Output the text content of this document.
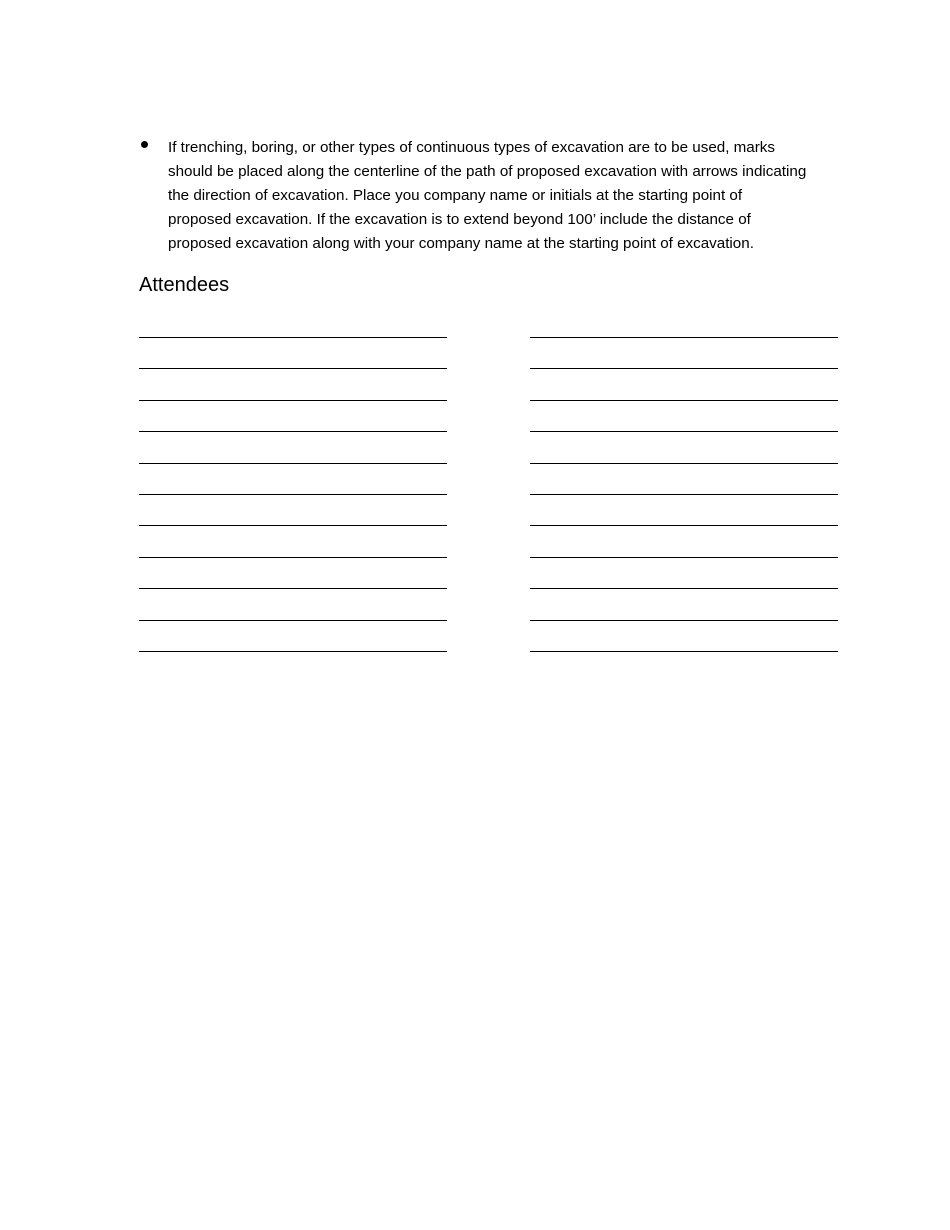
If trenching, boring, or other types of continuous types of excavation are to be used, marks
should be placed along the centerline of the path of proposed excavation with arrows indicating
the direction of excavation. Place you company name or initials at the starting point of
proposed excavation. If the excavation is to extend beyond 100’ include the distance of
proposed excavation along with your company name at the starting point of excavation.
Attendees
